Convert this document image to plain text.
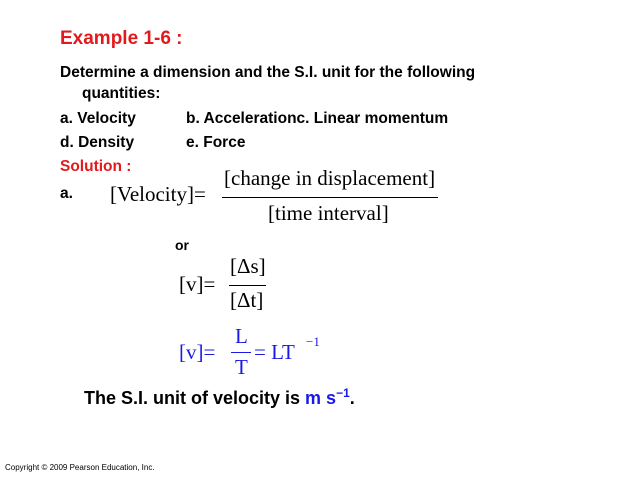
Example 1-6 :
Determine a dimension and the S.I. unit for the following
quantities:
a. Velocity	b. Accelerationc. Linear momentum
d. Density	e. Force
Solution :
a. [Velocity]=
[change in displacement]
[time interval]
or
[v]=
[Δs]
[Δt]
[v]=
L
T
= LT −1
The S.I. unit of velocity is m $s^{-1}$.
Copyright © 2009 Pearson Education, Inc.
